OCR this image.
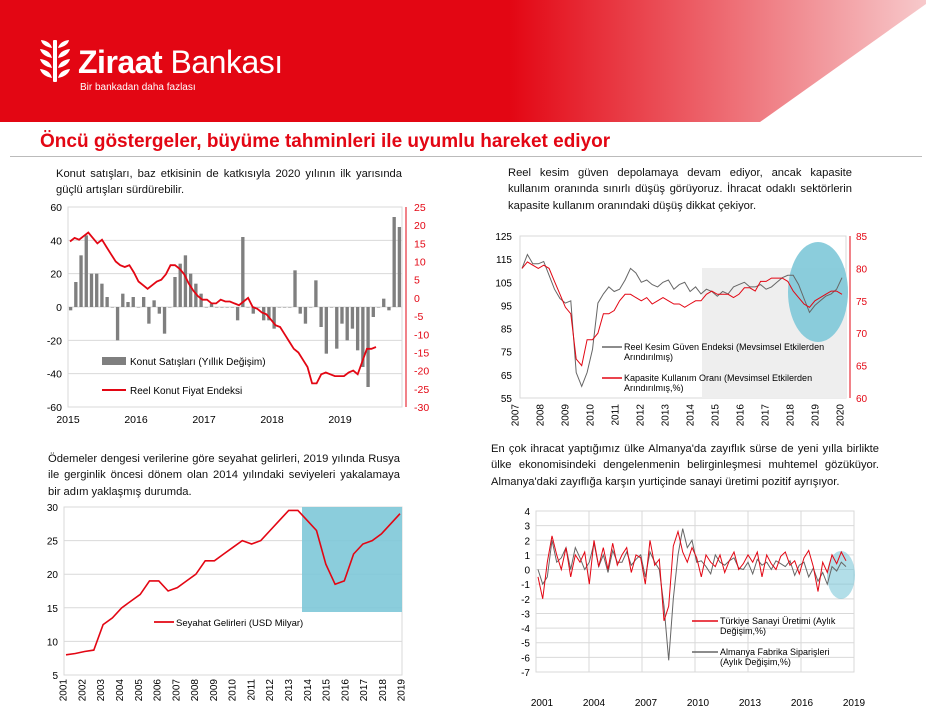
Ziraat Bankası
Bir bankadan daha fazlası
Öncü göstergeler, büyüme tahminleri ile uyumlu hareket ediyor
Konut satışları, baz etkisinin de katkısıyla 2020 yılının ilk yarısında güçlü artışları sürdürebilir.
Reel kesim güven depolamaya devam ediyor, ancak kapasite kullanım oranında sınırlı düşüş görüyoruz. İhracat odaklı sektörlerin kapasite kullanım oranındaki düşüş dikkat çekiyor.
Ödemeler dengesi verilerine göre seyahat gelirleri, 2019 yılında Rusya ile gerginlik öncesi dönem olan 2014 yılındaki seviyeleri yakalamaya bir adım yaklaşmış durumda.
En çok ihracat yaptığımız ülke Almanya'da zayıflık sürse de yeni yılla birlikte ülke ekonomisindeki dengelenmenin belirginleşmesi muhtemel gözüküyor. Almanya'daki zayıflığa karşın yurtiçinde sanayi üretimi pozitif ayrışıyor.
60
40
20
0
-20
-40
-60
25
20
15
10
5
0
-5
-10
-15
-20
-25
-30
2015	2016	2017	2018	2019
Konut Satışları (Yıllık Değişim)
Reel Konut Fiyat Endeksi
125
115
105
95
85
75
65
55
85
80
75
70
65
60
2007 2008 2009 2010 2011 2012 2013 2014 2015 2016 2017 2018 2019 2020
Reel Kesim Güven Endeksi (Mevsimsel Etkilerden
Arındırılmış)
Kapasite Kullanım Oranı (Mevsimsel Etkilerden
Arındırılmış,%)
30
25
20
15
10
5
2001 2002 2003 2004 2005 2006 2007 2008 2009 2010 2011 2012 2013 2014 2015 2016 2017 2018 2019
Seyahat Gelirleri (USD Milyar)
4
3
2
1
0
-1
-2
-3
-4
-5
-6
-7
2001	2004	2007	2010	2013	2016	2019
Türkiye Sanayi Üretimi (Aylık
Değişim,%)
Almanya Fabrika Siparişleri
(Aylık Değişim,%)
